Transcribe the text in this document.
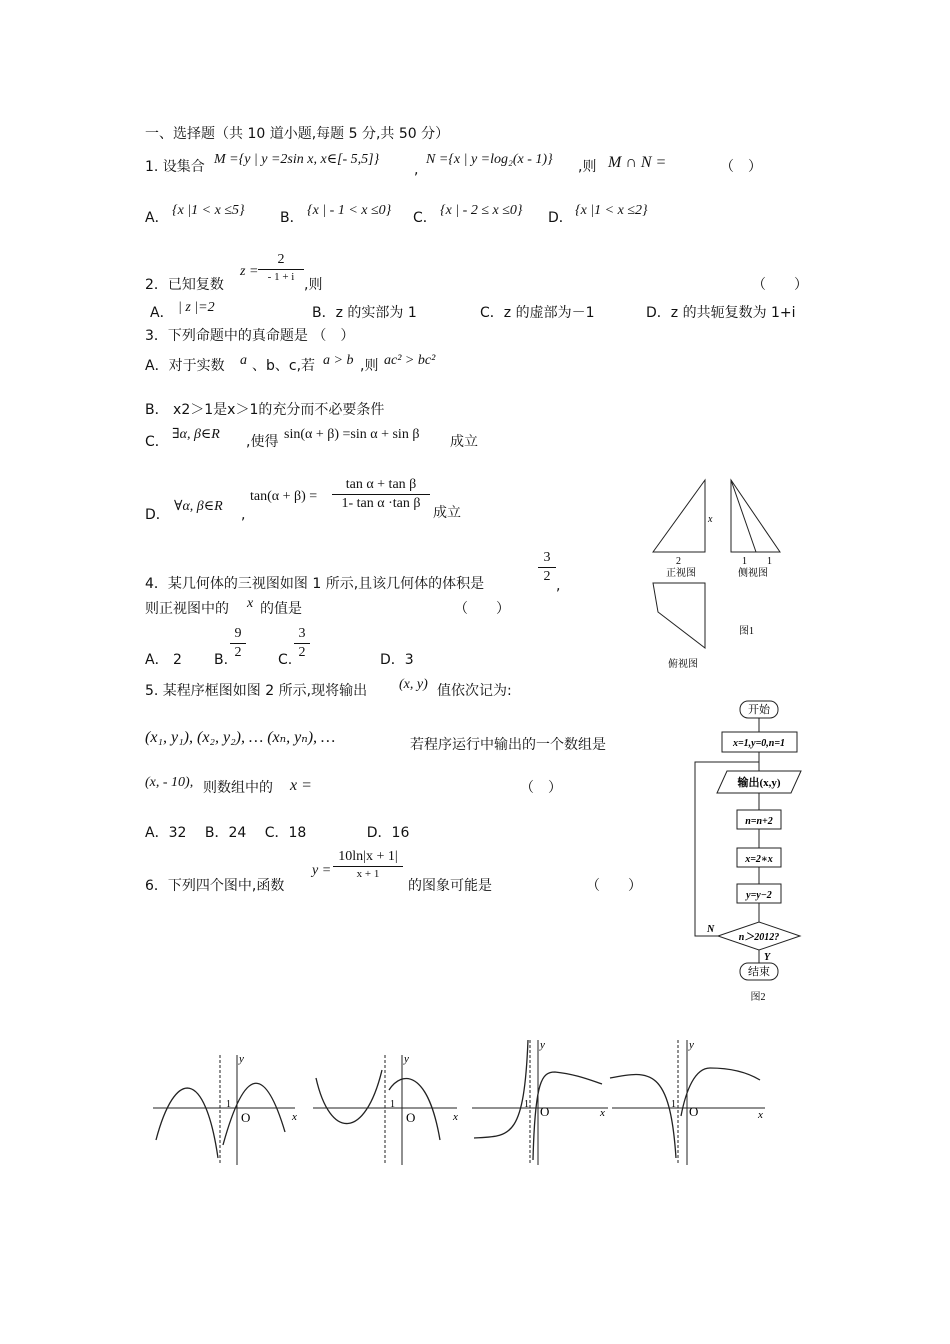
一、选择题（共 10 道小题,每题 5 分,共 50 分）
1. 设集合 M ={y | y =2sin x, x∈[- 5,5]}
,
N ={x | y =log₂(x - 1)} ,则 M ∩ N =	（　）
A． {x |1 < x ≤5}	B． {x | - 1 < x ≤0} C． {x | - 2 ≤ x ≤0} D． {x |1 < x ≤2}
2．已知复数
z =
2
- 1 + i ,则	（　　）
A． | z |=2	B．z 的实部为 1	C．z 的虚部为－1	D．z 的共轭复数为 1+i
3．下列命题中的真命题是 （　）
A．对于实数 a 、b、c,若 a > b ,则 ac² > bc²
B． x2＞1是x＞1的充分而不必要条件
C． ∃α, β∈R ,使得 sin(α + β) =sin α + sin β 成立
D．
∀α, β∈R
,
tan(α + β) =
tan α + tan β
1- tan α ·tan β
成立	x
2
正视图
1 1
侧视图
图1
俯视图
3
2
4．某几何体的三视图如图 1 所示,且该几何体的体积是	,
则正视图中的 x 的值是	（　　）
A． 2 B.
9
2	C.
3
2	D．3
5. 某程序框图如图 2 所示,现将输出 (x, y) 值依次记为:
(x₁, y₁), (x₂, y₂), … (xₙ, yₙ), …	若程序运行中输出的一个数组是
(x, - 10), 则数组中的 x =	（　）
A．32　 B．24　 C．18　　　　 D．16
开始
x=1,y=0,n=1
输出(x,y)
n=n+2
x=2∗x
y=y−2
n＞2012?
N
Y
结束
图2
6．下列四个图中,函数
y =
10ln|x + 1|
x + 1
的图象可能是	（　　）
y
x
1
O
y
x
1
O
y
x
1 O
y
x
1 O
